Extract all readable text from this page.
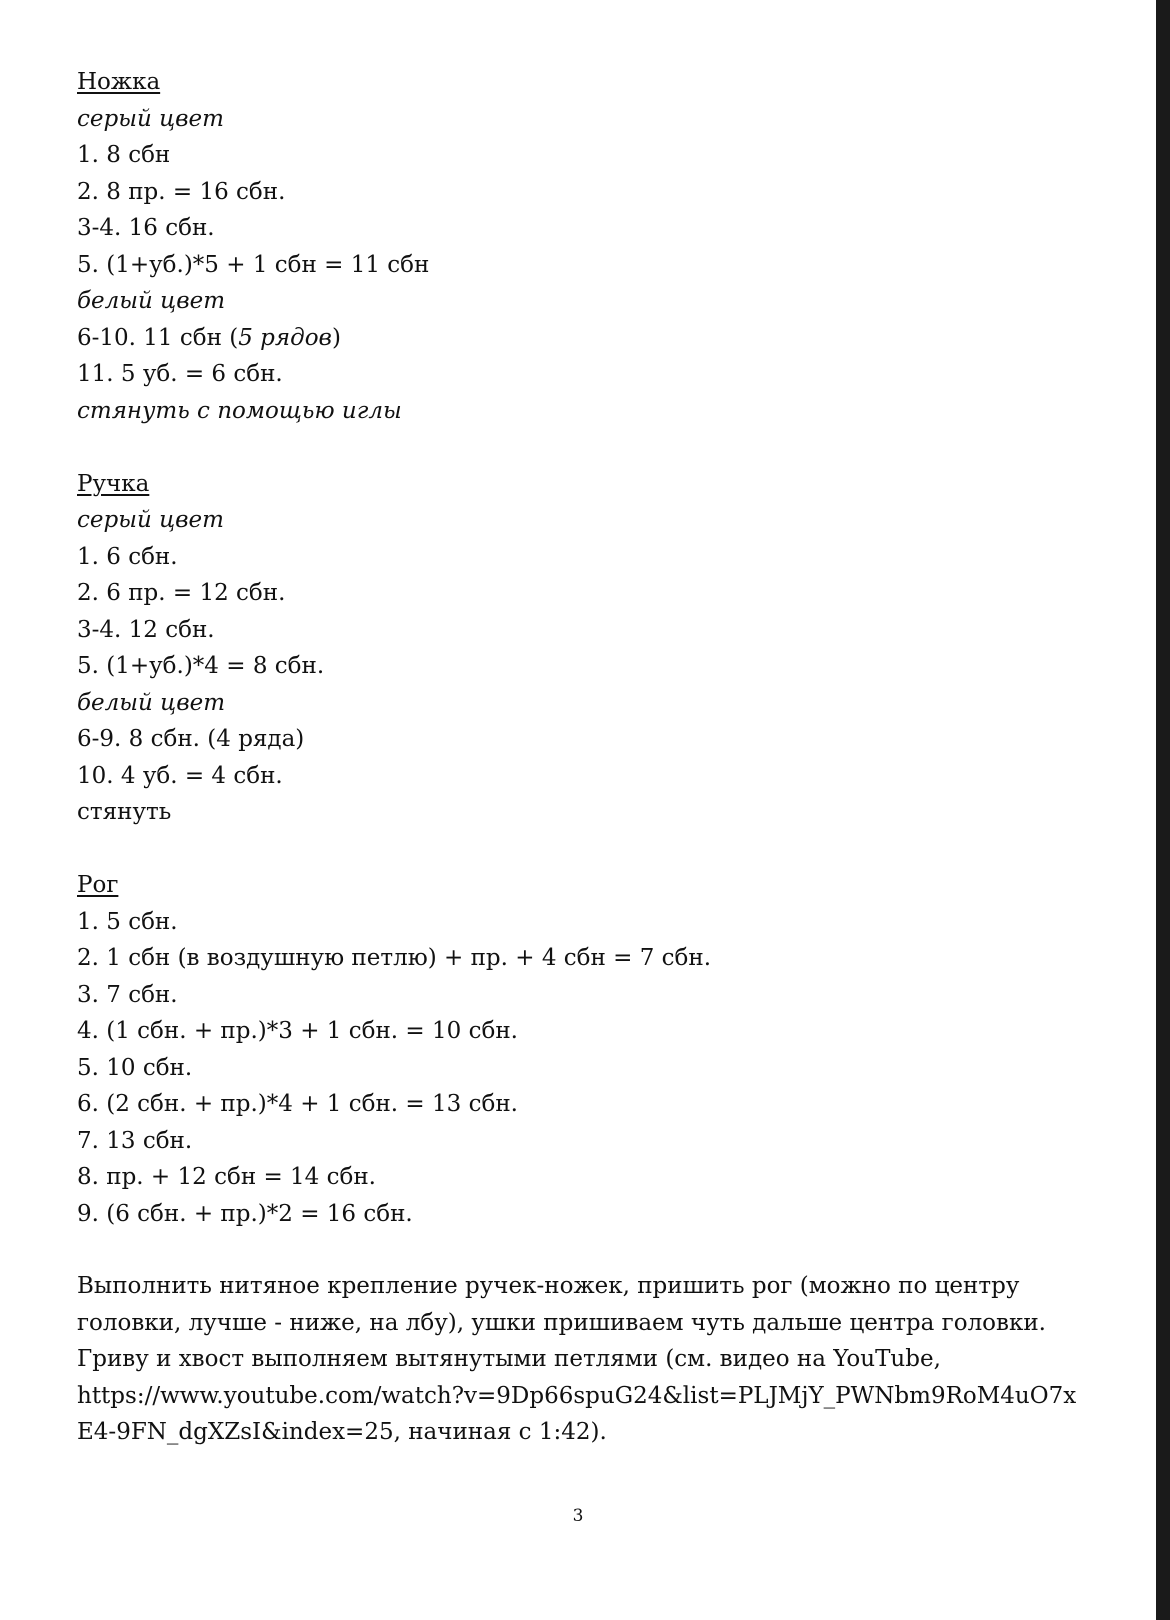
Ножка
серый цвет
1. 8 сбн
2. 8 пр. = 16 сбн.
3-4. 16 сбн.
5. (1+уб.)*5 + 1 сбн = 11 сбн
белый цвет
6-10. 11 сбн (5 рядов)
11. 5 уб. = 6 сбн.
стянуть с помощью иглы
Ручка
серый цвет
1. 6 сбн.
2. 6 пр. = 12 сбн.
3-4. 12 сбн.
5. (1+уб.)*4 = 8 сбн.
белый цвет
6-9. 8 сбн. (4 ряда)
10. 4 уб. = 4 сбн.
стянуть
Рог
1. 5 сбн.
2. 1 сбн (в воздушную петлю) + пр. + 4 сбн = 7 сбн.
3. 7 сбн.
4. (1 сбн. + пр.)*3 + 1 сбн. = 10 сбн.
5. 10 сбн.
6. (2 сбн. + пр.)*4 + 1 сбн. = 13 сбн.
7. 13 сбн.
8. пр. + 12 сбн = 14 сбн.
9. (6 сбн. + пр.)*2 = 16 сбн.
Выполнить нитяное крепление ручек-ножек, пришить рог (можно по центру
головки, лучше - ниже, на лбу), ушки пришиваем чуть дальше центра головки.
Гриву и хвост выполняем вытянутыми петлями (см. видео на YouTube,
https://www.youtube.com/watch?v=9Dp66spuG24&list=PLJMjY_PWNbm9RoM4uO7x
E4-9FN_dgXZsI&index=25, начиная с 1:42).
3
